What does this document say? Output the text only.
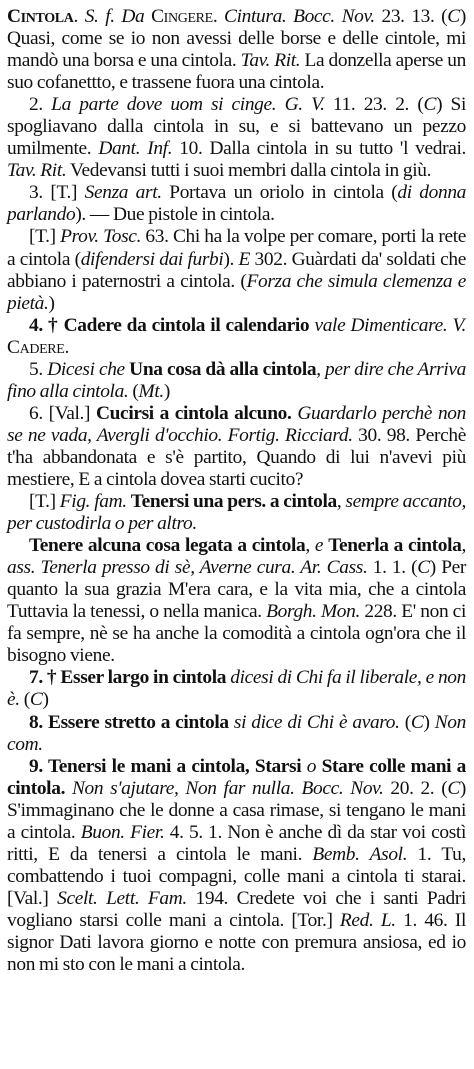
Cintola. S. f. Da Cingere. Cintura. Bocc. Nov. 23. 13. (C) Quasi, come se io non avessi delle borse e delle cintole, mi mandò una borsa e una cintola. Tav. Rit. La donzella aperse un suo cofanettto, e trassene fuora una cintola.

2. La parte dove uom si cinge. G. V. 11. 23. 2. (C) Si spogliavano dalla cintola in su, e si battevano un pezzo umilmente. Dant. Inf. 10. Dalla cintola in su tutto 'l vedrai. Tav. Rit. Vedevansi tutti i suoi membri dalla cintola in giù.

3. [T.] Senza art. Portava un oriolo in cintola (di donna parlando). — Due pistole in cintola.

[T.] Prov. Tosc. 63. Chi ha la volpe per comare, porti la rete a cintola (difendersi dai furbi). E 302. Guàrdati da' soldati che abbiano i paternostri a cintola. (Forza che simula clemenza e pietà.)

4. † Cadere da cintola il calendario vale Dimenticare. V. Cadere.

5. Dicesi che Una cosa dà alla cintola, per dire che Arriva fino alla cintola. (Mt.)

6. [Val.] Cucirsi a cintola alcuno. Guardarlo perchè non se ne vada, Avergli d'occhio. Fortig. Ricciard. 30. 98. Perchè t'ha abbandonata e s'è partito, Quando di lui n'avevi più mestiere, E a cintola dovea starti cucito?

[T.] Fig. fam. Tenersi una pers. a cintola, sempre accanto, per custodirla o per altro.

Tenere alcuna cosa legata a cintola, e Tenerla a cintola, ass. Tenerla presso di sè, Averne cura. Ar. Cass. 1. 1. (C) Per quanto la sua grazia M'era cara, e la vita mia, che a cintola Tuttavia la tenessi, o nella manica. Borgh. Mon. 228. E' non ci fa sempre, nè se ha anche la comodità a cintola ogn'ora che il bisogno viene.

7. † Esser largo in cintola dicesi di Chi fa il liberale, e non è. (C)

8. Essere stretto a cintola si dice di Chi è avaro. (C) Non com.

9. Tenersi le mani a cintola, Starsi o Stare colle mani a cintola. Non s'ajutare, Non far nulla. Bocc. Nov. 20. 2. (C) S'immaginano che le donne a casa rimase, si tengano le mani a cintola. Buon. Fier. 4. 5. 1. Non è anche dì da star voi costì ritti, E da tenersi a cintola le mani. Bemb. Asol. 1. Tu, combattendo i tuoi compagni, colle mani a cintola ti starai. [Val.] Scelt. Lett. Fam. 194. Credete voi che i santi Padri vogliano starsi colle mani a cintola. [Tor.] Red. L. 1. 46. Il signor Dati lavora giorno e notte con premura ansiosa, ed io non mi sto con le mani a cintola.
